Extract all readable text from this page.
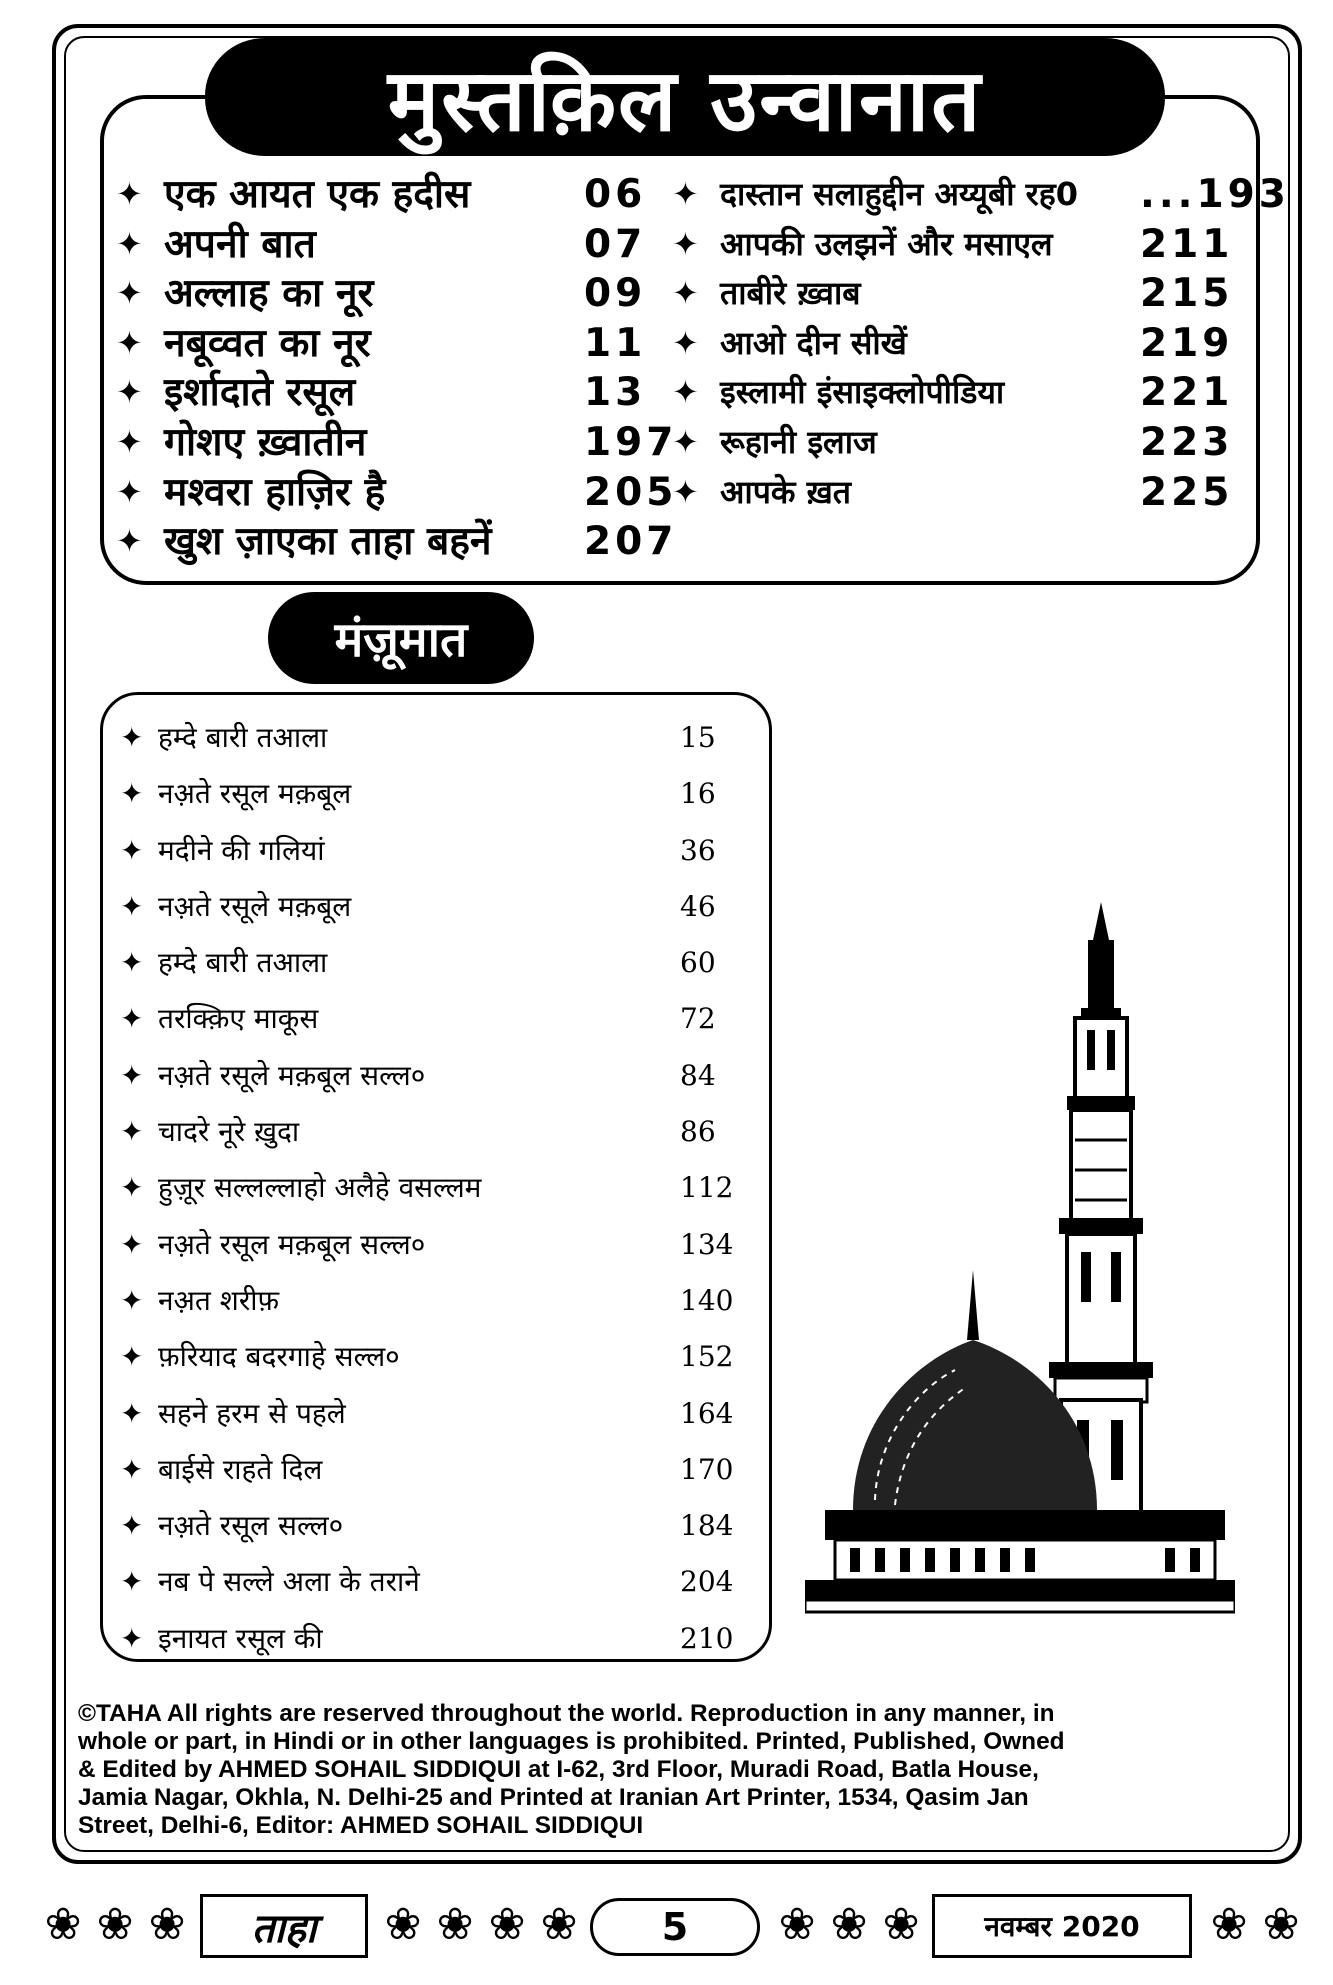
मुस्तक़िल उन्वानात
✦ एक आयत एक हदीस	06
✦ अपनी बात	07
✦ अल्लाह का नूर	09
✦ नबूव्वत का नूर	11
✦ इर्शादाते रसूल	13
✦ गोशए ख़्वातीन	197
✦ मश्वरा हाज़िर है	205
✦ खुश ज़ाएका ताहा बहनें 207
✦ दास्तान सलाहुद्दीन अय्यूबी रह0 ...193
✦ आपकी उलझनें और मसाएल 211
✦ ताबीरे ख़्वाब	215
✦ आओ दीन सीखें	219
✦ इस्लामी इंसाइक्लोपीडिया	221
✦ रूहानी इलाज	223
✦ आपके ख़त	225
मंज़ूमात
✦ हम्दे बारी तआला	15
✦ नअ़ते रसूल मक़बूल	16
✦ मदीने की गलियां	36
✦ नअ़ते रसूले मक़बूल	46
✦ हम्दे बारी तआला	60
✦ तरक्क़िए माकूस	72
✦ नअ़ते रसूले मक़बूल सल्ल०	84
✦ चादरे नूरे ख़ुदा	86
✦ हुज़ूर सल्लल्लाहो अलैहे वसल्लम	112
✦ नअ़ते रसूल मक़बूल सल्ल०	134
✦ नअ़त शरीफ़	140
✦ फ़रियाद बदरगाहे सल्ल०	152
✦ सहने हरम से पहले	164
✦ बाईसे राहते दिल	170
✦ नअ़ते रसूल सल्ल०	184
✦ नब पे सल्ले अला के तराने	204
✦ इनायत रसूल की	210
©TAHA All rights are reserved throughout the world. Reproduction in any manner, in
whole or part, in Hindi or in other languages is prohibited. Printed, Published, Owned
& Edited by AHMED SOHAIL SIDDIQUI at I-62, 3rd Floor, Muradi Road, Batla House,
Jamia Nagar, Okhla, N. Delhi-25 and Printed at Iranian Art Printer, 1534, Qasim Jan
Street, Delhi-6, Editor: AHMED SOHAIL SIDDIQUI
❀ ❀ ❀	ताहा	❀ ❀ ❀ ❀	5	❀ ❀ ❀	नवम्बर 2020	❀ ❀
